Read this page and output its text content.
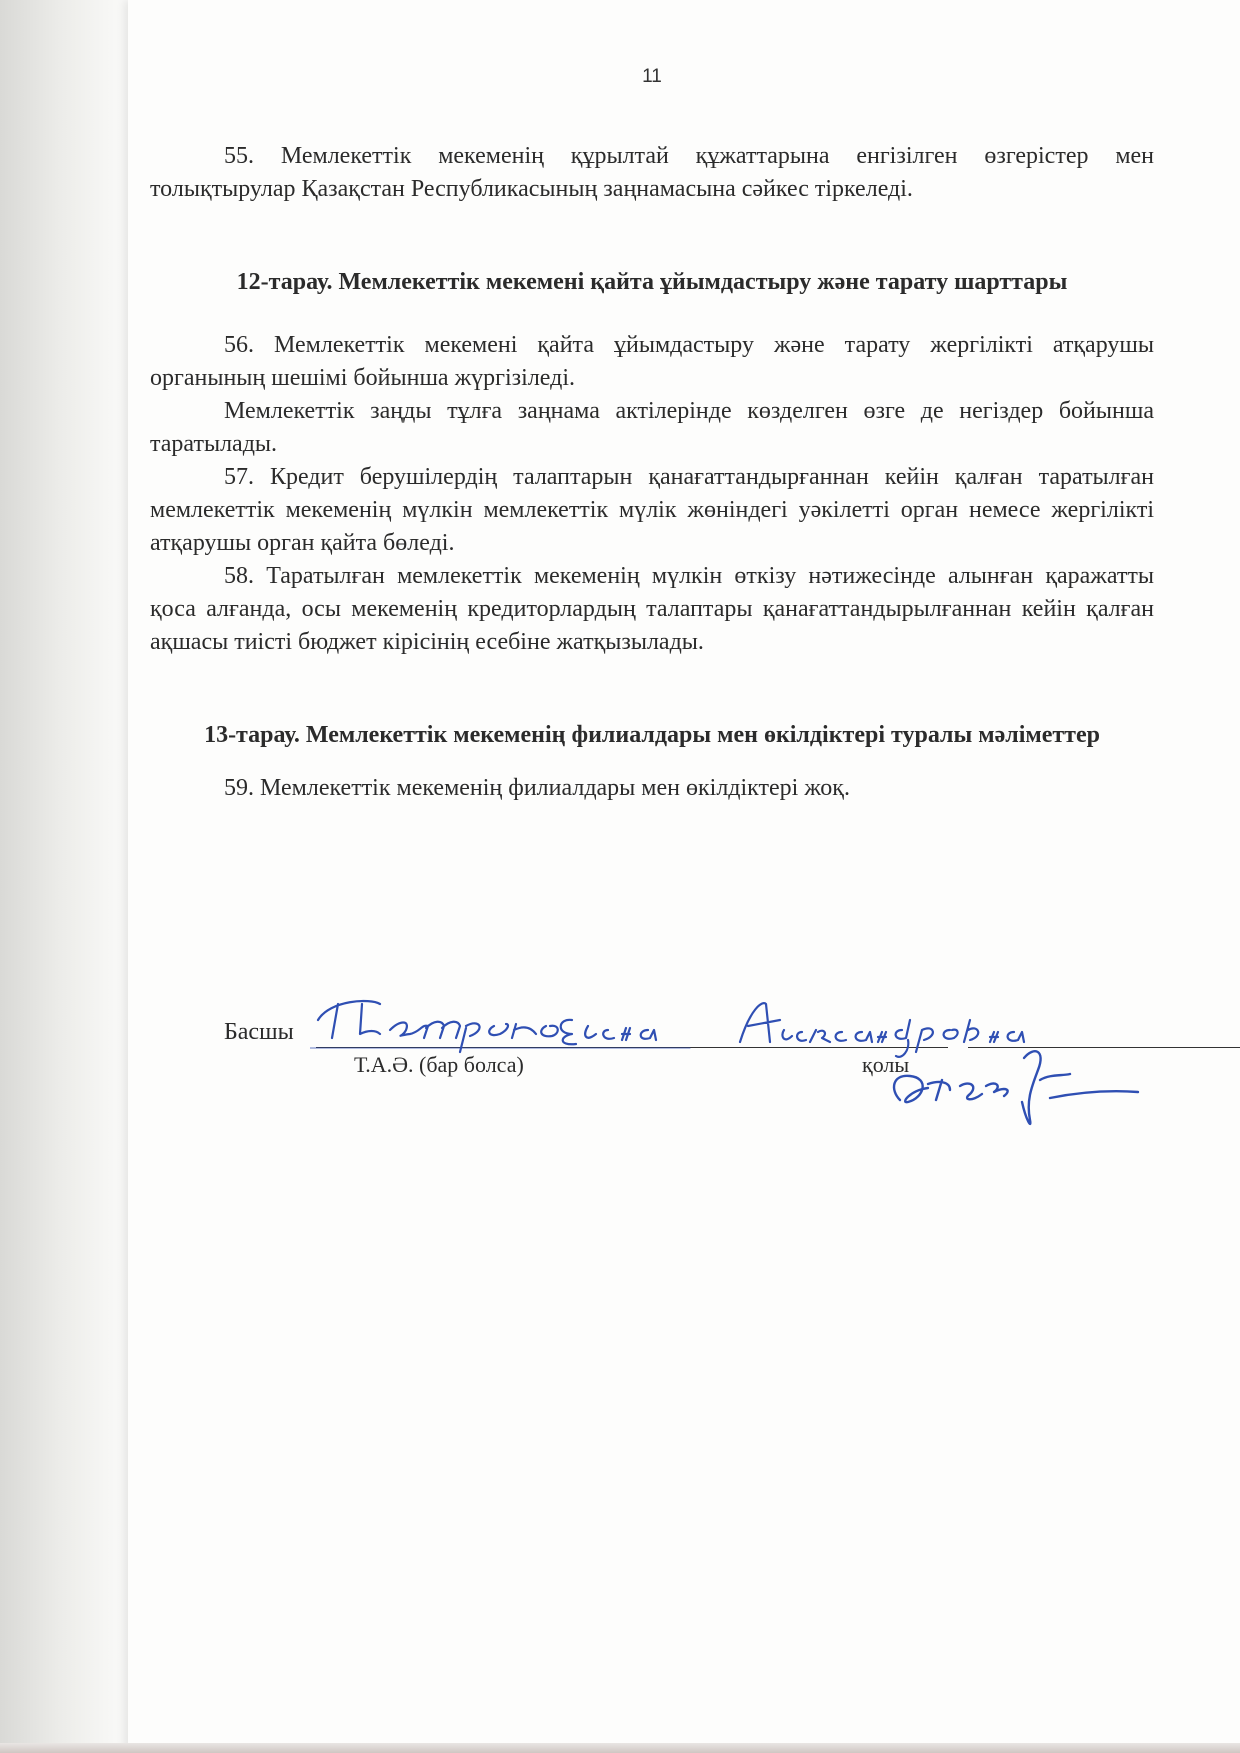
11

55. Мемлекеттік мекеменің құрылтай құжаттарына енгізілген өзгерістер мен толықтырулар Қазақстан Республикасының заңнамасына сәйкес тіркеледі.

12-тарау. Мемлекеттік мекемені қайта ұйымдастыру және тарату шарттары

56. Мемлекеттік мекемені қайта ұйымдастыру және тарату жергілікті атқарушы органының шешімі бойынша жүргізіледі.

Мемлекеттік заңды тұлға заңнама актілерінде көзделген өзге де негіздер бойынша таратылады.

57. Кредит берушілердің талаптарын қанағаттандырғаннан кейін қалған таратылған мемлекеттік мекеменің мүлкін мемлекеттік мүлік жөніндегі уәкілетті орган немесе жергілікті атқарушы орган қайта бөледі.

58. Таратылған мемлекеттік мекеменің мүлкін өткізу нәтижесінде алынған қаражатты қоса алғанда, осы мекеменің кредиторлардың талаптары қанағаттандырылғаннан кейін қалған ақшасы тиісті бюджет кірісінің есебіне жатқызылады.

13-тарау. Мемлекеттік мекеменің филиалдары мен өкілдіктері туралы мәліметтер

59. Мемлекеттік мекеменің филиалдары мен өкілдіктері жоқ.

Басшы
Т.А.Ә. (бар болса)	қолы
